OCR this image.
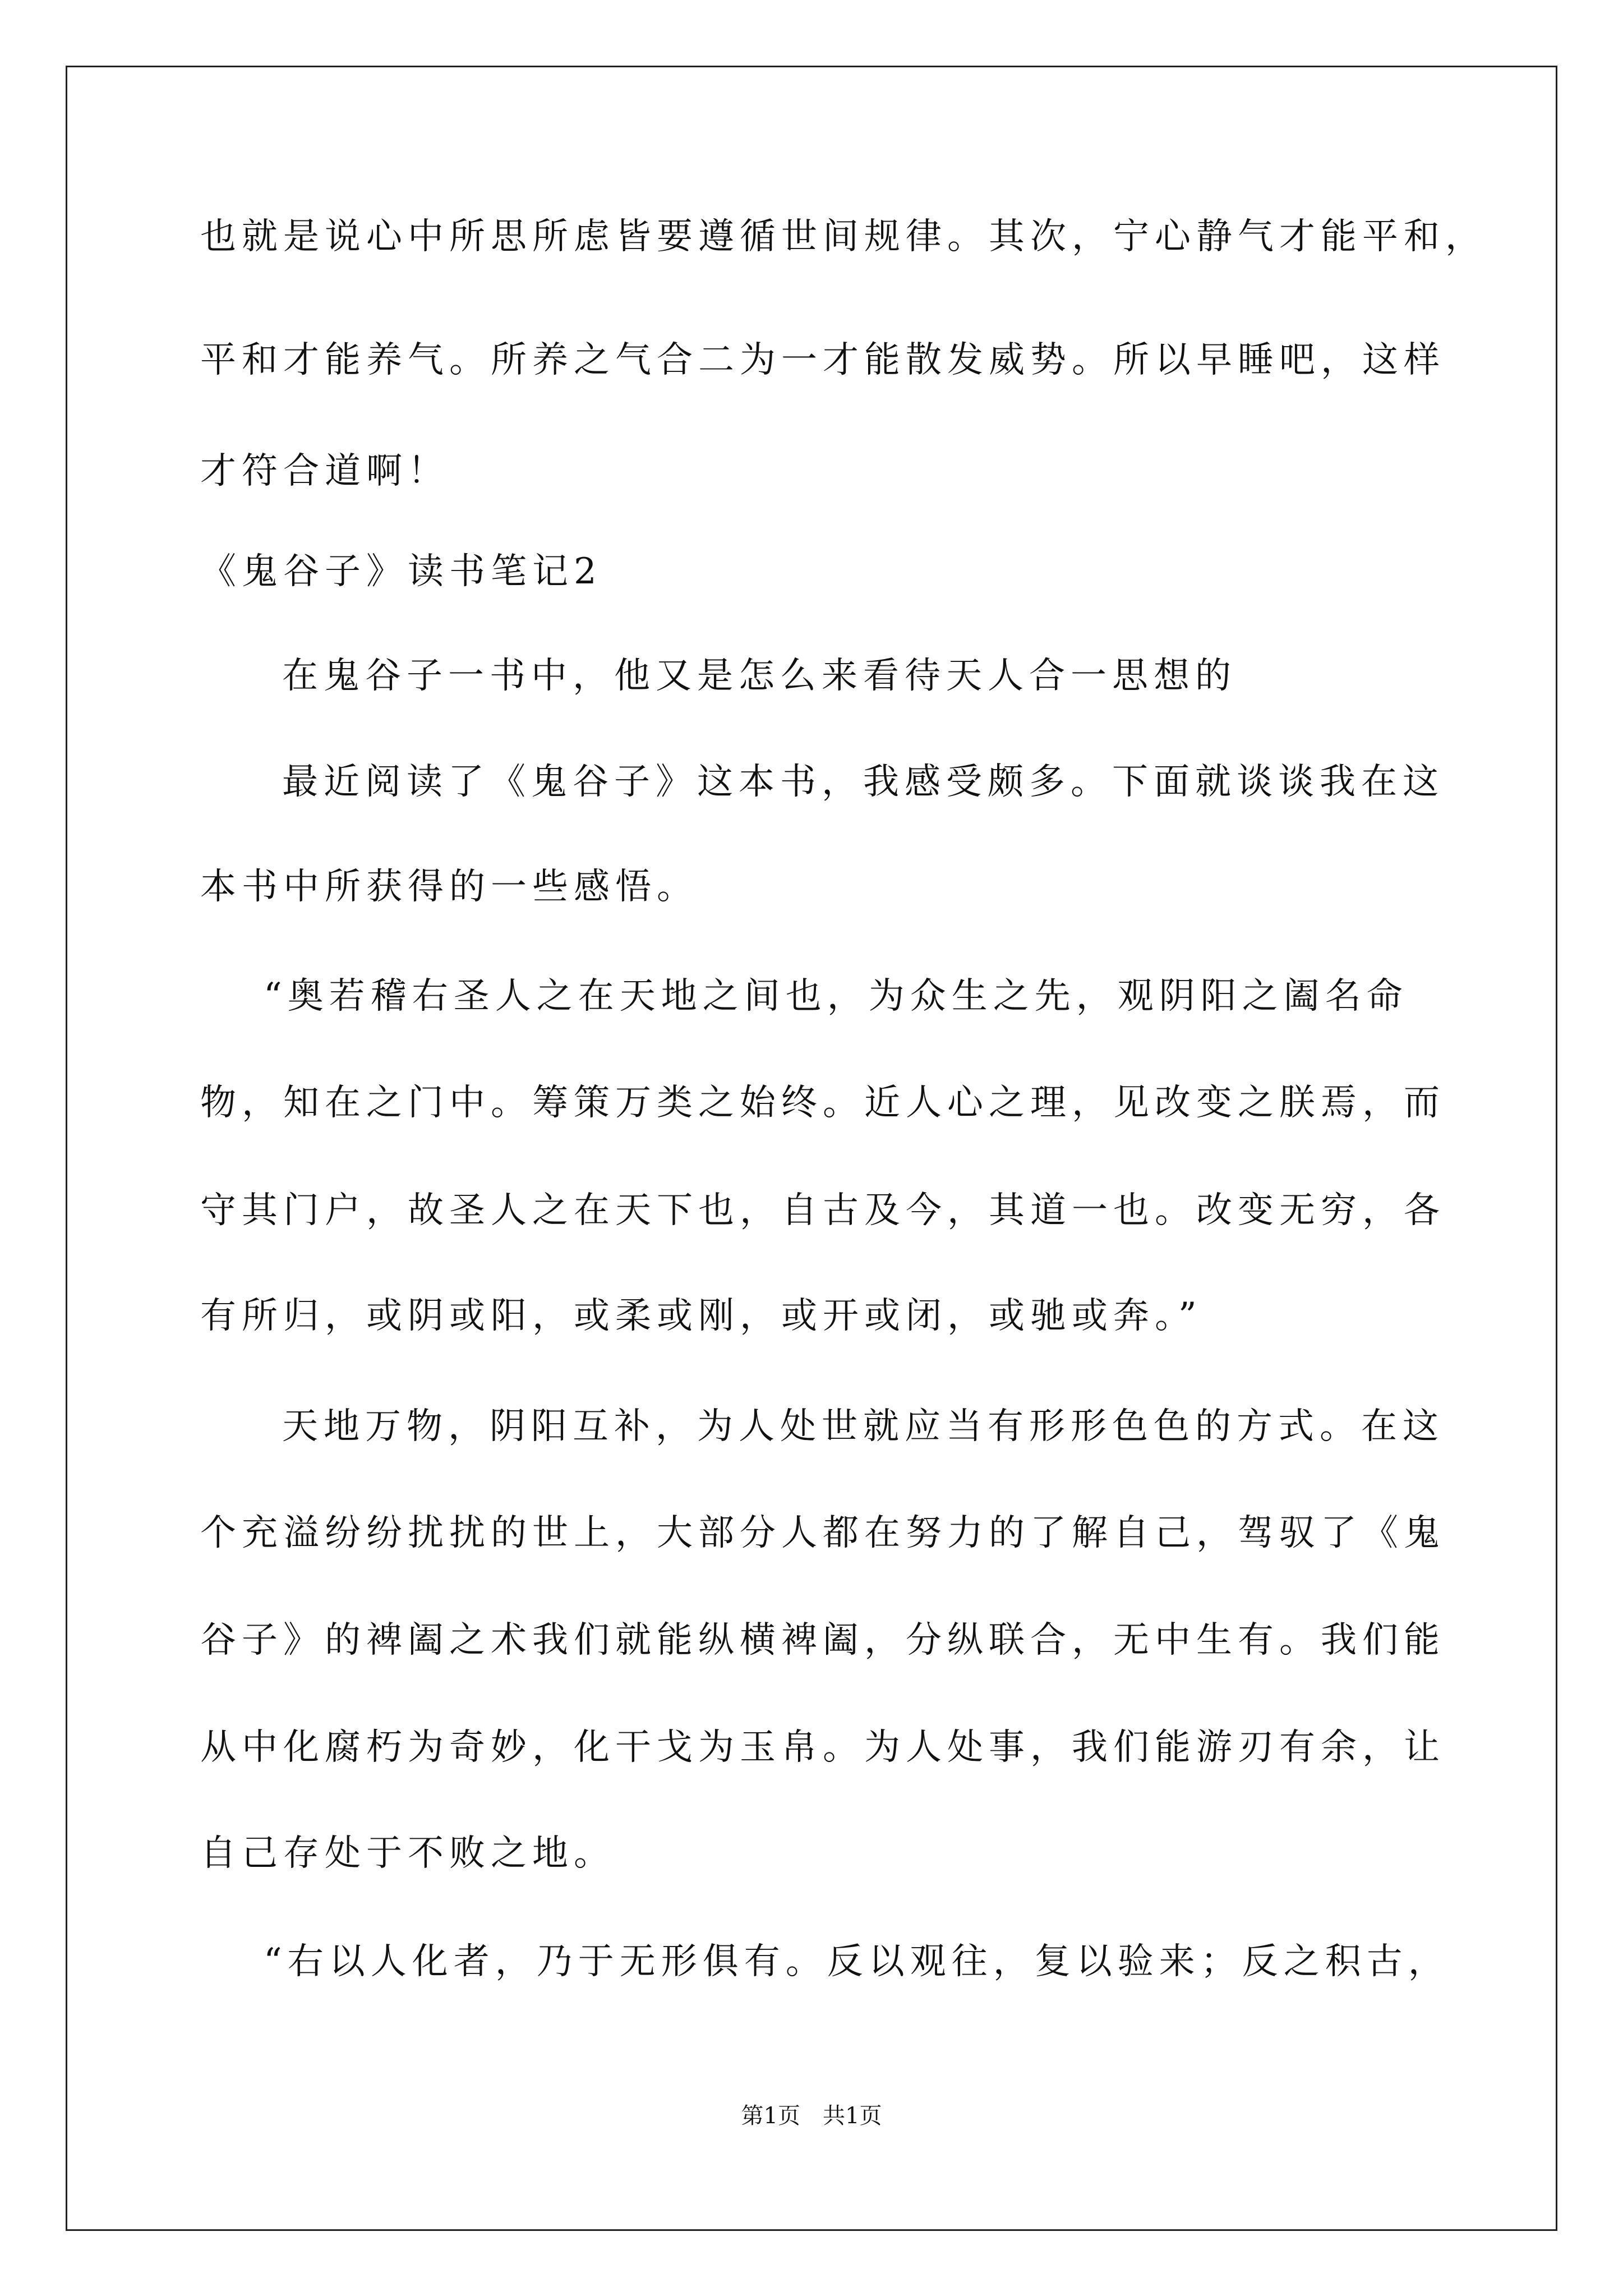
也就是说心中所思所虑皆要遵循世间规律。其次，宁心静气才能平和，
平和才能养气。所养之气合二为一才能散发威势。所以早睡吧，这样
才符合道啊！
《鬼谷子》读书笔记2
在鬼谷子一书中，他又是怎么来看待天人合一思想的
最近阅读了《鬼谷子》这本书，我感受颇多。下面就谈谈我在这
本书中所获得的一些感悟。
“奥若稽右圣人之在天地之间也，为众生之先，观阴阳之阖名命
物，知在之门中。筹策万类之始终。近人心之理，见改变之朕焉，而
守其门户，故圣人之在天下也，自古及今，其道一也。改变无穷，各
有所归，或阴或阳，或柔或刚，或开或闭，或驰或奔。”
天地万物，阴阳互补，为人处世就应当有形形色色的方式。在这
个充溢纷纷扰扰的世上，大部分人都在努力的了解自己，驾驭了《鬼
谷子》的裨阖之术我们就能纵横裨阖，分纵联合，无中生有。我们能
从中化腐朽为奇妙，化干戈为玉帛。为人处事，我们能游刃有余，让
自己存处于不败之地。
“右以人化者，乃于无形俱有。反以观往，复以验来；反之积古，
第1页　共1页
